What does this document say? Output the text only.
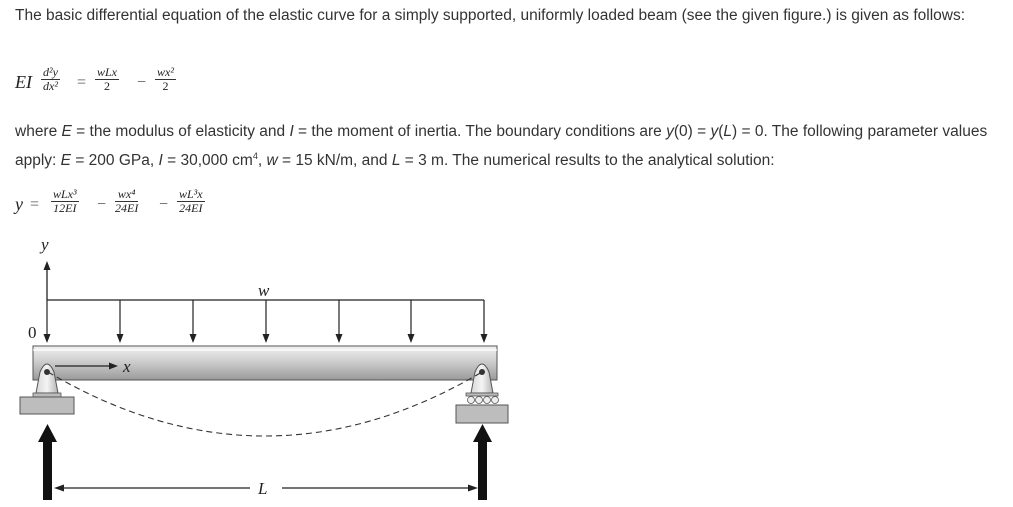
The basic differential equation of the elastic curve for a simply supported, uniformly loaded beam (see the given figure.) is given as follows:
EI $\frac{\text{d²y}}{\text{dx²}}$ =
wLx
2	− $\frac{\text{wx²}}{2}$
where E = the modulus of elasticity and I = the moment of inertia. The boundary conditions are y(0) = y(L) = 0. The following parameter values apply: E = 200 GPa, I = 30,000 $cm^4$, w = 15 kN/m, and L = 3 m. The numerical results to the analytical solution:
y =
wLx³
$12EI - \frac{\text{wx⁴}}{24EI} - \frac{\text{wL³x}}{24EI}$
y
0
w
x
L
